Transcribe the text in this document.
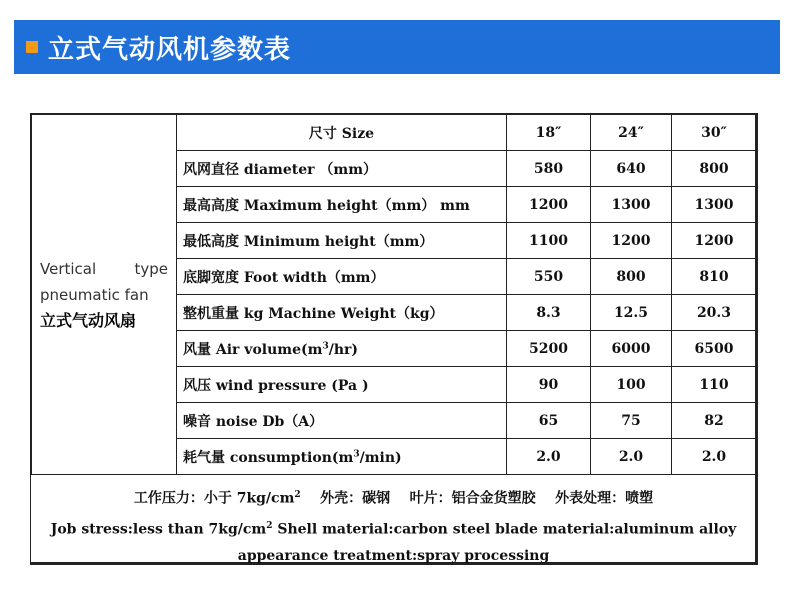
立式气动风机参数表
Vertical type
pneumatic fan
立式气动风扇	尺寸 Size	18″	24″	30″
	风网直径 diameter （mm）	580	640	800
	最高高度 Maximum height（mm） mm	1200	1300	1300
	最低高度 Minimum height（mm）	1100	1200	1200
	底脚宽度 Foot width（mm）	550	800	810
	整机重量 kg Machine Weight（kg）	8.3	12.5	20.3
	风量 Air $volume(m^3/hr)$	5200	6000	6500
	风压 wind pressure (Pa )	90	100	110
	噪音 noise Db（A）	65	75	82
	耗气量 $consumption(m^3/\min)$	2.0	2.0	2.0
工作压力：小于 $7kg/cm^2$    外壳：碳钢    叶片：铝合金货塑胶    外表处理：喷塑
Job stress:less than $7kg/cm^2$ Shell material:carbon steel blade material:aluminum alloy
appearance treatment:spray processing
